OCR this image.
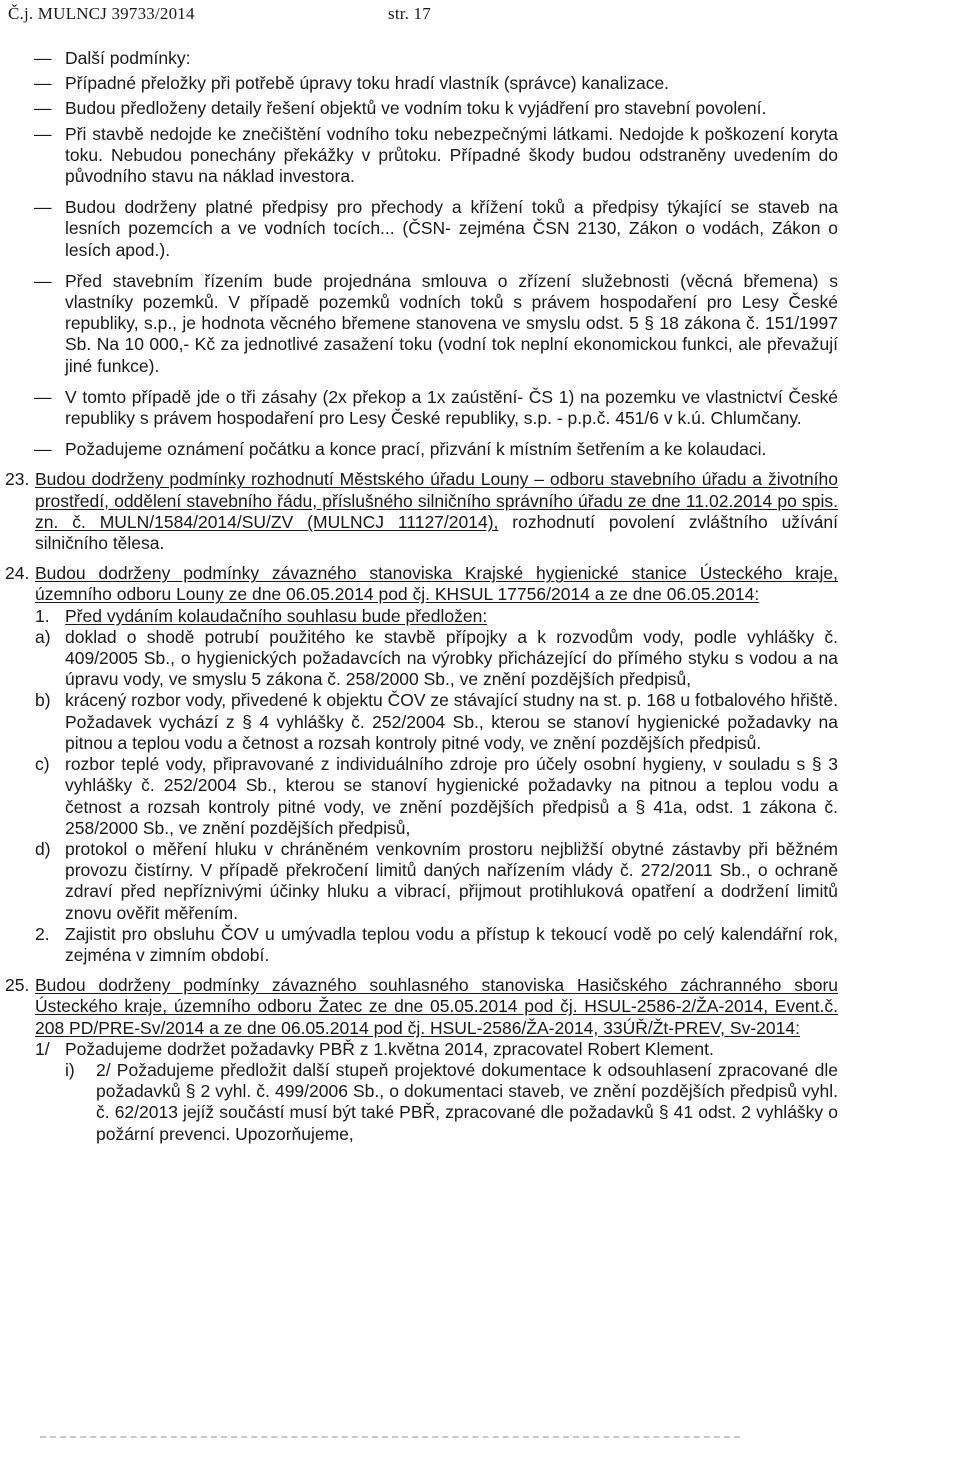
Č.j. MULNCJ 39733/2014	str. 17
— Další podmínky:
— Případné přeložky při potřebě úpravy toku hradí vlastník (správce) kanalizace.
— Budou předloženy detaily řešení objektů ve vodním toku k vyjádření pro stavební povolení.
— Při stavbě nedojde ke znečištění vodního toku nebezpečnými látkami. Nedojde k poškození koryta toku. Nebudou ponechány překážky v průtoku. Případné škody budou odstraněny uvedením do původního stavu na náklad investora.
— Budou dodrženy platné předpisy pro přechody a křížení toků a předpisy týkající se staveb na lesních pozemcích a ve vodních tocích... (ČSN- zejména ČSN 2130, Zákon o vodách, Zákon o lesích apod.).
— Před stavebním řízením bude projednána smlouva o zřízení služebnosti (věcná břemena) s vlastníky pozemků. V případě pozemků vodních toků s právem hospodaření pro Lesy České republiky, s.p., je hodnota věcného břemene stanovena ve smyslu odst. 5 § 18 zákona č. 151/1997 Sb. Na 10 000,- Kč za jednotlivé zasažení toku (vodní tok neplní ekonomickou funkci, ale převažují jiné funkce).
— V tomto případě jde o tři zásahy (2x překop a 1x zaústění- ČS 1) na pozemku ve vlastnictví České republiky s právem hospodaření pro Lesy České republiky, s.p. - p.p.č. 451/6 v k.ú. Chlumčany.
— Požadujeme oznámení počátku a konce prací, přizvání k místním šetřením a ke kolaudaci.
23. Budou dodrženy podmínky rozhodnutí Městského úřadu Louny – odboru stavebního úřadu a životního prostředí, oddělení stavebního řádu, příslušného silničního správního úřadu ze dne 11.02.2014 po spis. zn. č. MULN/1584/2014/SU/ZV (MULNCJ 11127/2014), rozhodnutí povolení zvláštního užívání silničního tělesa.
24. Budou dodrženy podmínky závazného stanoviska Krajské hygienické stanice Ústeckého kraje, územního odboru Louny ze dne 06.05.2014 pod čj. KHSUL 17756/2014 a ze dne 06.05.2014:
1. Před vydáním kolaudačního souhlasu bude předložen:
a) doklad o shodě potrubí použitého ke stavbě přípojky a k rozvodům vody, podle vyhlášky č. 409/2005 Sb., o hygienických požadavcích na výrobky přicházející do přímého styku s vodou a na úpravu vody, ve smyslu 5 zákona č. 258/2000 Sb., ve znění pozdějších předpisů,
b) krácený rozbor vody, přivedené k objektu ČOV ze stávající studny na st. p. 168 u fotbalového hřiště. Požadavek vychází z § 4 vyhlášky č. 252/2004 Sb., kterou se stanoví hygienické požadavky na pitnou a teplou vodu a četnost a rozsah kontroly pitné vody, ve znění pozdějších předpisů.
c) rozbor teplé vody, připravované z individuálního zdroje pro účely osobní hygieny, v souladu s § 3 vyhlášky č. 252/2004 Sb., kterou se stanoví hygienické požadavky na pitnou a teplou vodu a četnost a rozsah kontroly pitné vody, ve znění pozdějších předpisů a § 41a, odst. 1 zákona č. 258/2000 Sb., ve znění pozdějších předpisů,
d) protokol o měření hluku v chráněném venkovním prostoru nejbližší obytné zástavby při běžném provozu čistírny. V případě překročení limitů daných nařízením vlády č. 272/2011 Sb., o ochraně zdraví před nepříznivými účinky hluku a vibrací, přijmout protihluková opatření a dodržení limitů znovu ověřit měřením.
2. Zajistit pro obsluhu ČOV u umývadla teplou vodu a přístup k tekoucí vodě po celý kalendářní rok, zejména v zimním období.
25. Budou dodrženy podmínky závazného souhlasného stanoviska Hasičského záchranného sboru Ústeckého kraje, územního odboru Žatec ze dne 05.05.2014 pod čj. HSUL-2586-2/ŽA-2014, Event.č. 208 PD/PRE-Sv/2014 a ze dne 06.05.2014 pod čj. HSUL-2586/ŽA-2014, 33ÚŘ/Žt-PREV, Sv-2014:
1/ Požadujeme dodržet požadavky PBŘ z 1.května 2014, zpracovatel Robert Klement.
i) 2/ Požadujeme předložit další stupeň projektové dokumentace k odsouhlasení zpracované dle požadavků § 2 vyhl. č. 499/2006 Sb., o dokumentaci staveb, ve znění pozdějších předpisů vyhl. č. 62/2013 jejíž součástí musí být také PBŘ, zpracované dle požadavků § 41 odst. 2 vyhlášky o požární prevenci. Upozorňujeme,
